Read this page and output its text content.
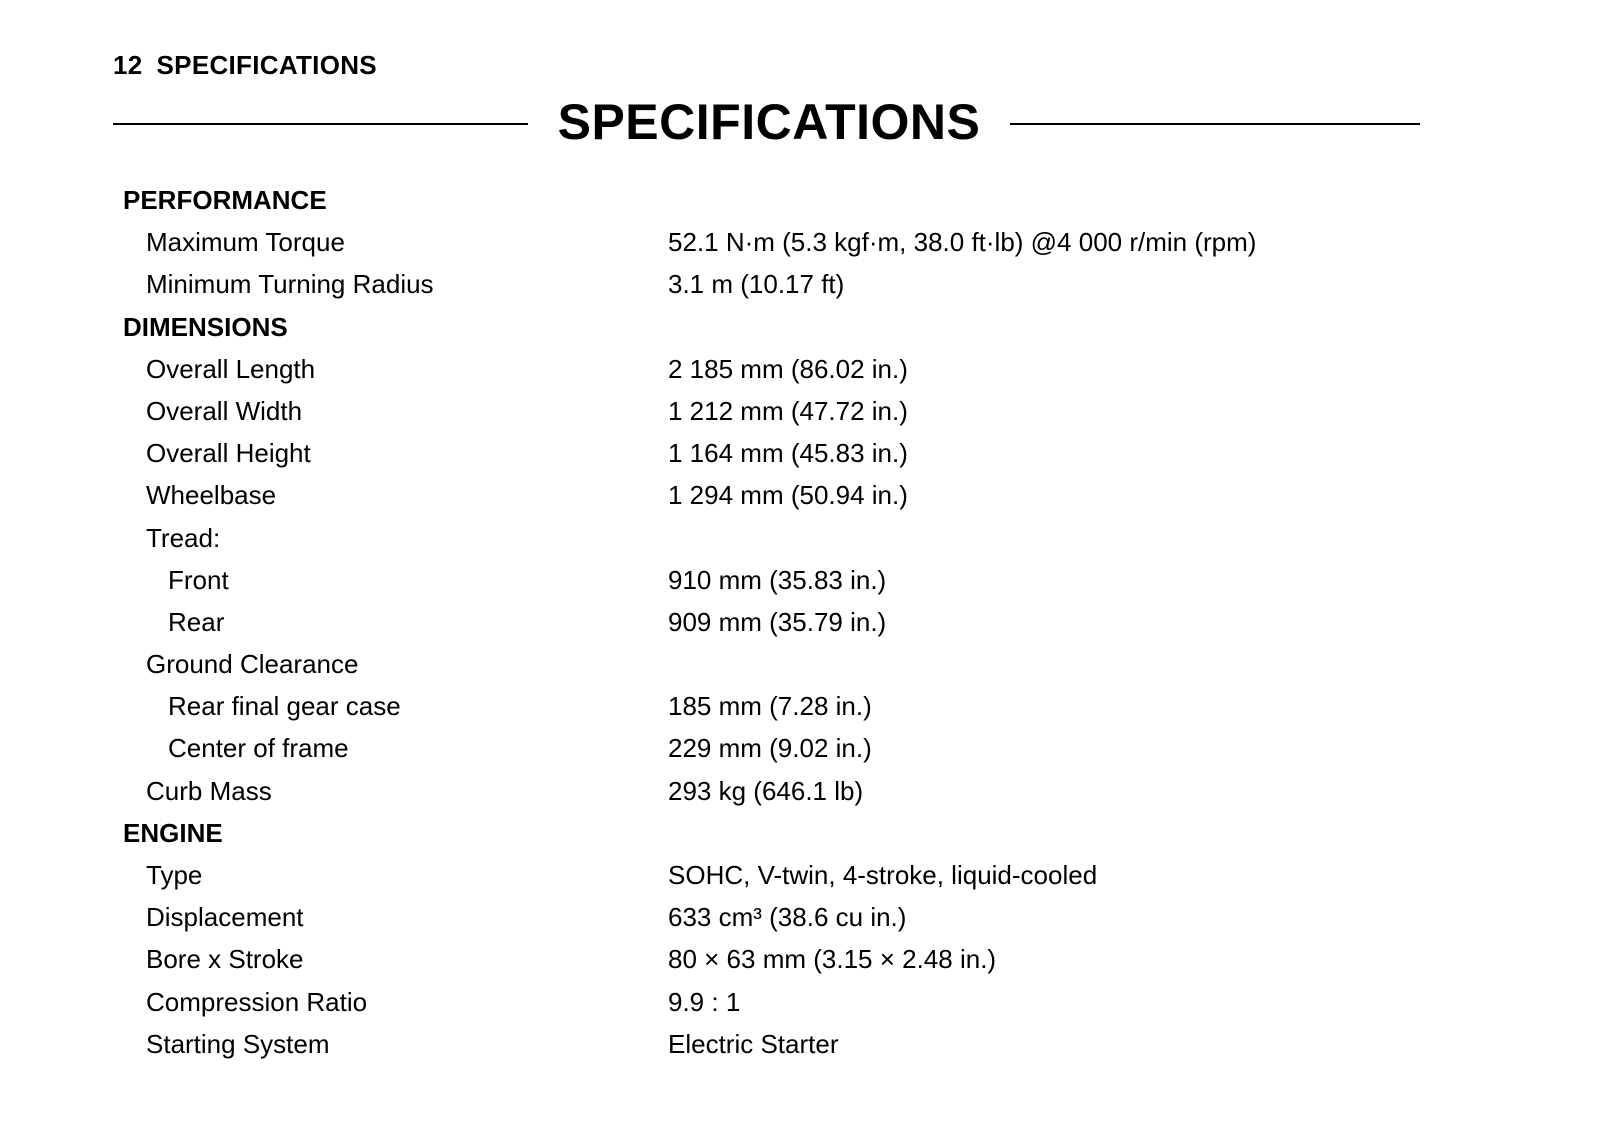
12 SPECIFICATIONS
SPECIFICATIONS
PERFORMANCE
Maximum Torque	52.1 N·m (5.3 kgf·m, 38.0 ft·lb) @4 000 r/min (rpm)
Minimum Turning Radius	3.1 m (10.17 ft)
DIMENSIONS
Overall Length	2 185 mm (86.02 in.)
Overall Width	1 212 mm (47.72 in.)
Overall Height	1 164 mm (45.83 in.)
Wheelbase	1 294 mm (50.94 in.)
Tread:
Front	910 mm (35.83 in.)
Rear	909 mm (35.79 in.)
Ground Clearance
Rear final gear case	185 mm (7.28 in.)
Center of frame	229 mm (9.02 in.)
Curb Mass	293 kg (646.1 lb)
ENGINE
Type	SOHC, V-twin, 4-stroke, liquid-cooled
Displacement	633 cm³ (38.6 cu in.)
Bore x Stroke	80 × 63 mm (3.15 × 2.48 in.)
Compression Ratio	9.9 : 1
Starting System	Electric Starter
